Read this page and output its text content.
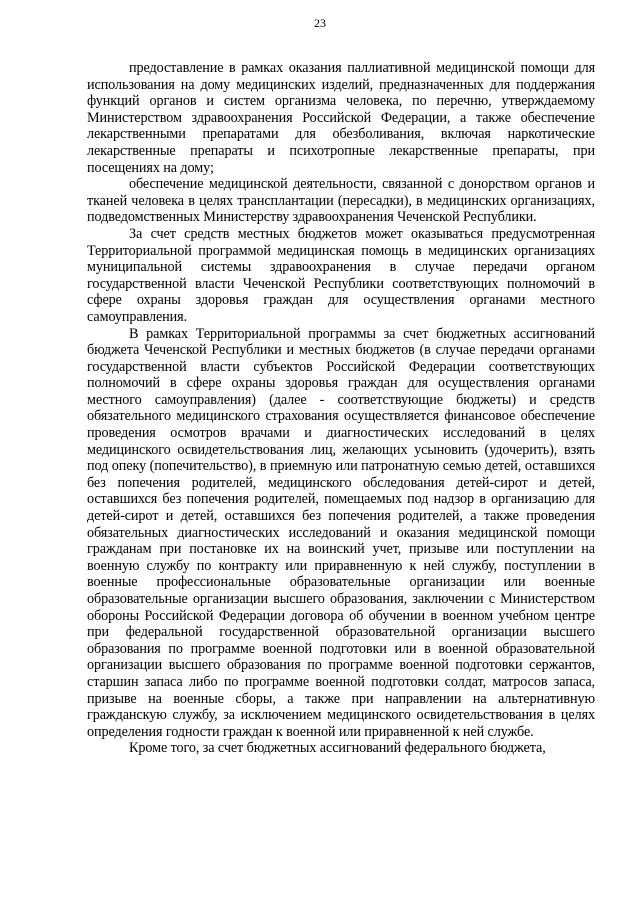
23

предоставление в рамках оказания паллиативной медицинской помощи для использования на дому медицинских изделий, предназначенных для поддержания функций органов и систем организма человека, по перечню, утверждаемому Министерством здравоохранения Российской Федерации, а также обеспечение лекарственными препаратами для обезболивания, включая наркотические лекарственные препараты и психотропные лекарственные препараты, при посещениях на дому;

обеспечение медицинской деятельности, связанной с донорством органов и тканей человека в целях трансплантации (пересадки), в медицинских организациях, подведомственных Министерству здравоохранения Чеченской Республики.

За счет средств местных бюджетов может оказываться предусмотренная Территориальной программой медицинская помощь в медицинских организациях муниципальной системы здравоохранения в случае передачи органом государственной власти Чеченской Республики соответствующих полномочий в сфере охраны здоровья граждан для осуществления органами местного самоуправления.

В рамках Территориальной программы за счет бюджетных ассигнований бюджета Чеченской Республики и местных бюджетов (в случае передачи органами государственной власти субъектов Российской Федерации соответствующих полномочий в сфере охраны здоровья граждан для осуществления органами местного самоуправления) (далее - соответствующие бюджеты) и средств обязательного медицинского страхования осуществляется финансовое обеспечение проведения осмотров врачами и диагностических исследований в целях медицинского освидетельствования лиц, желающих усыновить (удочерить), взять под опеку (попечительство), в приемную или патронатную семью детей, оставшихся без попечения родителей, медицинского обследования детей-сирот и детей, оставшихся без попечения родителей, помещаемых под надзор в организацию для детей-сирот и детей, оставшихся без попечения родителей, а также проведения обязательных диагностических исследований и оказания медицинской помощи гражданам при постановке их на воинский учет, призыве или поступлении на военную службу по контракту или приравненную к ней службу, поступлении в военные профессиональные образовательные организации или военные образовательные организации высшего образования, заключении с Министерством обороны Российской Федерации договора об обучении в военном учебном центре при федеральной государственной образовательной организации высшего образования по программе военной подготовки или в военной образовательной организации высшего образования по программе военной подготовки сержантов, старшин запаса либо по программе военной подготовки солдат, матросов запаса, призыве на военные сборы, а также при направлении на альтернативную гражданскую службу, за исключением медицинского освидетельствования в целях определения годности граждан к военной или приравненной к ней службе.

Кроме того, за счет бюджетных ассигнований федерального бюджета,
